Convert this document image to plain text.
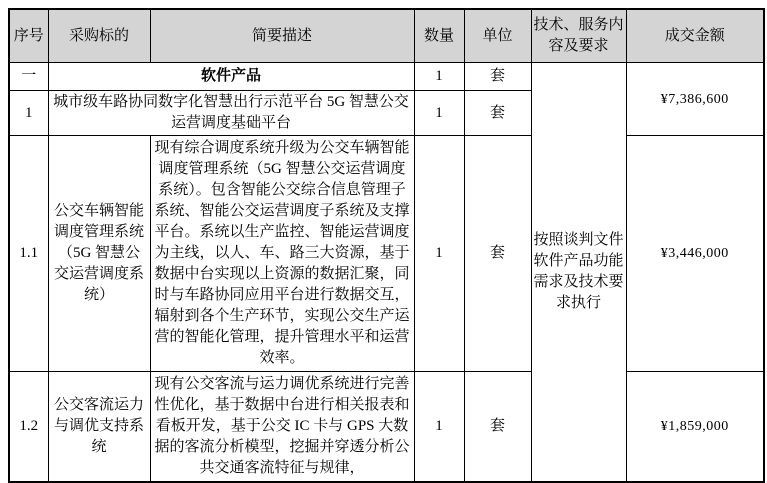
序号	采购标的	简要描述	数量	单位	技术、服务内容及要求	成交金额
一	软件产品		1	套	按照谈判文件软件产品功能需求及技术要求执行	¥7,386,600
1	城市级车路协同数字化智慧出行示范平台 5G 智慧公交运营调度基础平台		1	套		
1.1	公交车辆智能调度管理系统（5G 智慧公交运营调度系统）	现有综合调度系统升级为公交车辆智能调度管理系统（5G 智慧公交运营调度系统）。包含智能公交综合信息管理子系统、智能公交运营调度子系统及支撑平台。系统以生产监控、智能运营调度为主线，以人、车、路三大资源，基于数据中台实现以上资源的数据汇聚，同时与车路协同应用平台进行数据交互，辐射到各个生产环节，实现公交生产运营的智能化管理，提升管理水平和运营效率。	1	套		¥3,446,000
1.2	公交客流运力与调优支持系统	现有公交客流与运力调优系统进行完善性优化，基于数据中台进行相关报表和看板开发，基于公交 IC 卡与 GPS 大数据的客流分析模型，挖掘并穿透分析公共交通客流特征与规律，	1	套		¥1,859,000
